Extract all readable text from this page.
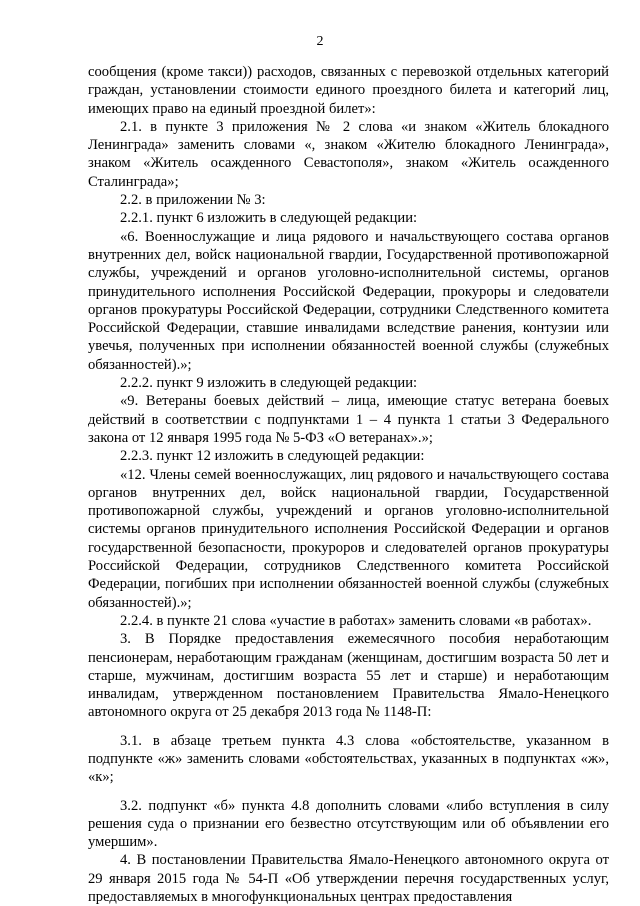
2

сообщения (кроме такси)) расходов, связанных с перевозкой отдельных категорий граждан, установлении стоимости единого проездного билета и категорий лиц, имеющих право на единый проездной билет»:

2.1. в пункте 3 приложения № 2 слова «и знаком «Житель блокадного Ленинграда» заменить словами «, знаком «Жителю блокадного Ленинграда», знаком «Житель осажденного Севастополя», знаком «Житель осажденного Сталинграда»;

2.2. в приложении № 3:

2.2.1. пункт 6 изложить в следующей редакции:

«6. Военнослужащие и лица рядового и начальствующего состава органов внутренних дел, войск национальной гвардии, Государственной противопожарной службы, учреждений и органов уголовно-исполнительной системы, органов принудительного исполнения Российской Федерации, прокуроры и следователи органов прокуратуры Российской Федерации, сотрудники Следственного комитета Российской Федерации, ставшие инвалидами вследствие ранения, контузии или увечья, полученных при исполнении обязанностей военной службы (служебных обязанностей).»;

2.2.2. пункт 9 изложить в следующей редакции:

«9. Ветераны боевых действий – лица, имеющие статус ветерана боевых действий в соответствии с подпунктами 1 – 4 пункта 1 статьи 3 Федерального закона от 12 января 1995 года № 5-ФЗ «О ветеранах».»;

2.2.3. пункт 12 изложить в следующей редакции:

«12. Члены семей военнослужащих, лиц рядового и начальствующего состава органов внутренних дел, войск национальной гвардии, Государственной противопожарной службы, учреждений и органов уголовно-исполнительной системы органов принудительного исполнения Российской Федерации и органов государственной безопасности, прокуроров и следователей органов прокуратуры Российской Федерации, сотрудников Следственного комитета Российской Федерации, погибших при исполнении обязанностей военной службы (служебных обязанностей).»;

2.2.4. в пункте 21 слова «участие в работах» заменить словами «в работах».

3. В Порядке предоставления ежемесячного пособия неработающим пенсионерам, неработающим гражданам (женщинам, достигшим возраста 50 лет и старше, мужчинам, достигшим возраста 55 лет и старше) и неработающим инвалидам, утвержденном постановлением Правительства Ямало-Ненецкого автономного округа от 25 декабря 2013 года № 1148-П:

3.1. в абзаце третьем пункта 4.3 слова «обстоятельстве, указанном в подпункте «ж» заменить словами «обстоятельствах, указанных в подпунктах «ж», «к»;

3.2. подпункт «б» пункта 4.8 дополнить словами «либо вступления в силу решения суда о признании его безвестно отсутствующим или об объявлении его умершим».

4. В постановлении Правительства Ямало-Ненецкого автономного округа от 29 января 2015 года № 54-П «Об утверждении перечня государственных услуг, предоставляемых в многофункциональных центрах предоставления
